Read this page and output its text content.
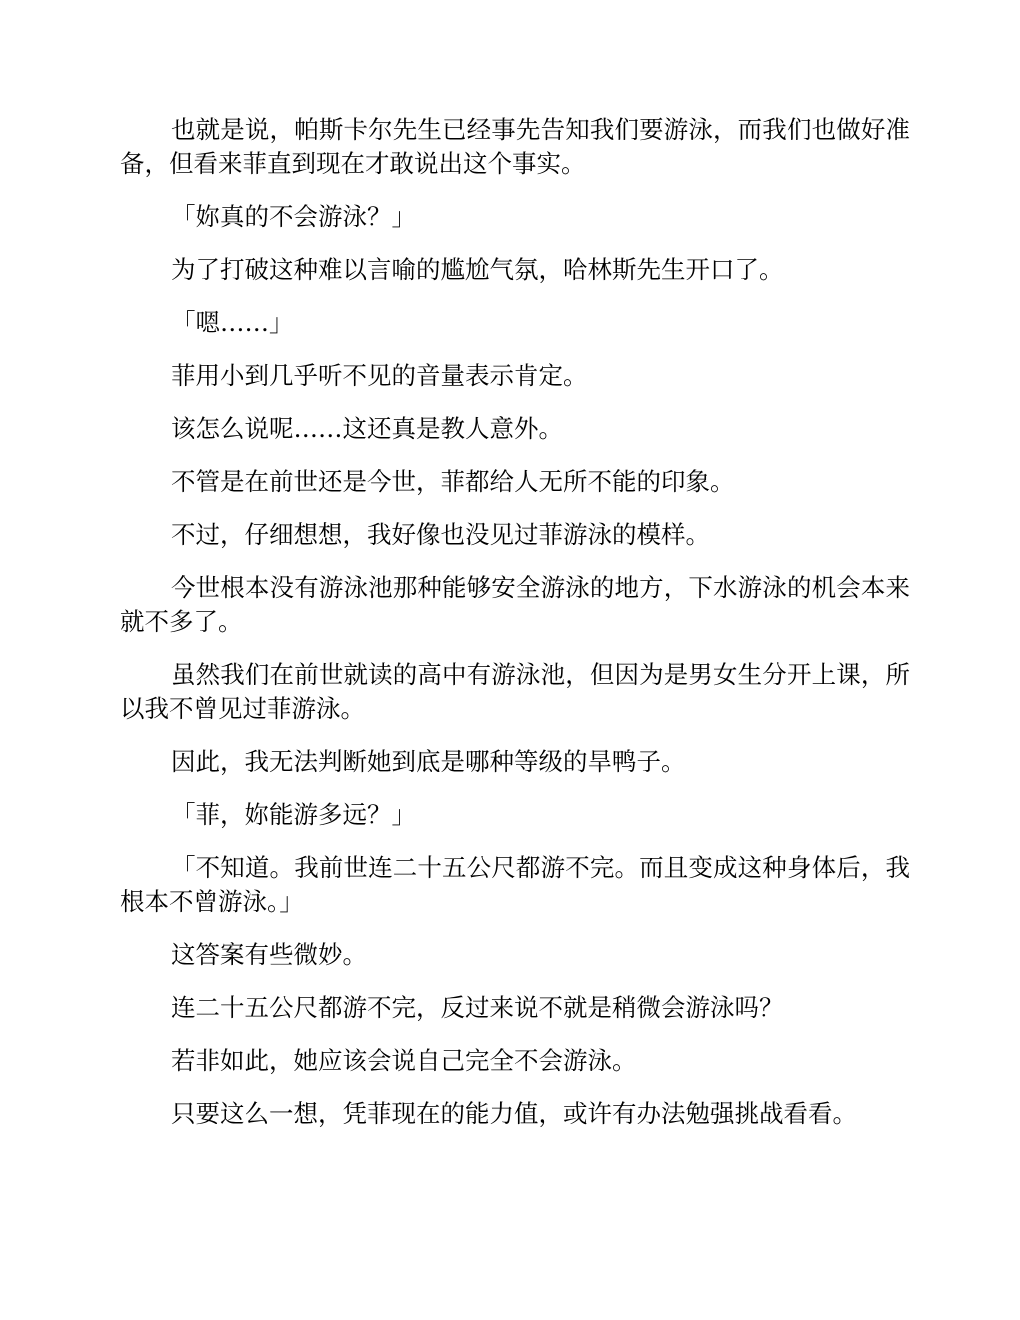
也就是说，帕斯卡尔先生已经事先告知我们要游泳，而我们也做好准备，但看来菲直到现在才敢说出这个事实。

「妳真的不会游泳？」

为了打破这种难以言喻的尴尬气氛，哈林斯先生开口了。

「嗯……」

菲用小到几乎听不见的音量表示肯定。

该怎么说呢……这还真是教人意外。

不管是在前世还是今世，菲都给人无所不能的印象。

不过，仔细想想，我好像也没见过菲游泳的模样。

今世根本没有游泳池那种能够安全游泳的地方，下水游泳的机会本来就不多了。

虽然我们在前世就读的高中有游泳池，但因为是男女生分开上课，所以我不曾见过菲游泳。

因此，我无法判断她到底是哪种等级的旱鸭子。

「菲，妳能游多远？」

「不知道。我前世连二十五公尺都游不完。而且变成这种身体后，我根本不曾游泳。」

这答案有些微妙。

连二十五公尺都游不完，反过来说不就是稍微会游泳吗？

若非如此，她应该会说自己完全不会游泳。

只要这么一想，凭菲现在的能力值，或许有办法勉强挑战看看。
